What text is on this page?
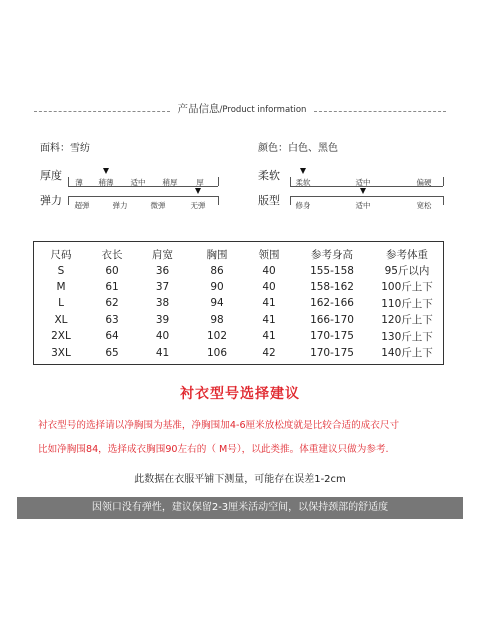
产品信息/Product information
面料：雪纺	颜色：白色、黑色
厚度
薄 稍薄 适中 稍厚	厚
弹力 超弹	弹力	微弹	无弹
柔软
柔软	适中	偏硬
版型 修身	适中	宽松
尺码	衣长	肩宽	胸围	领围	参考身高	参考体重
S	60	36	86	40	155-158	95斤以内
M	61	37	90	40	158-162	100斤上下
L	62	38	94	41	162-166	110斤上下
XL	63	39	98	41	166-170	120斤上下
2XL	64	40	102	41	170-175	130斤上下
3XL	65	41	106	42	170-175	140斤上下
衬衣型号选择建议
衬衣型号的选择请以净胸围为基准，净胸围加4-6厘米放松度就是比较合适的成衣尺寸
比如净胸围84，选择成衣胸围90左右的（ M号），以此类推。体重建议只做为参考.
此数据在衣服平铺下测量，可能存在误差1-2cm
因领口没有弹性，建议保留2-3厘米活动空间，以保持颈部的舒适度
